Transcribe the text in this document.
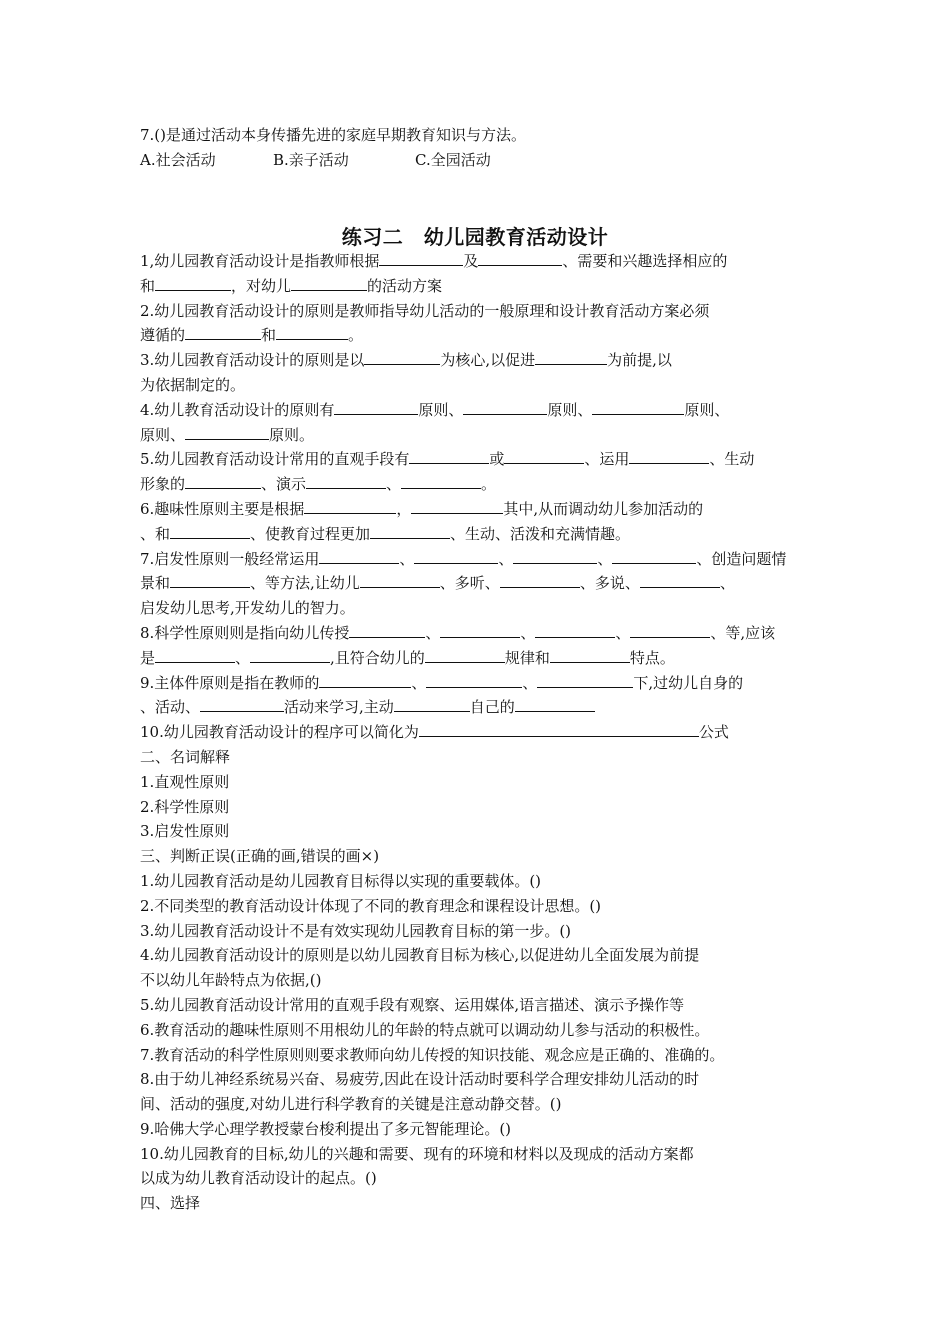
7.()是通过活动本身传播先进的家庭早期教育知识与方法。
A.社会活动	B.亲子活动	C.全园活动
练习二　幼儿园教育活动设计
1,幼儿园教育活动设计是指教师根据	及	、需要和兴趣选择相应的
和	，对幼儿	的活动方案
2.幼儿园教育活动设计的原则是教师指导幼儿活动的一般原理和设计教育活动方案必须
遵循的	和	。
3.幼儿园教育活动设计的原则是以	为核心,以促进	为前提,以
为依据制定的。
4.幼儿教育活动设计的原则有	原则、	原则、	原则、
原则、	原则。
5.幼儿园教育活动设计常用的直观手段有	或	、运用	、生动
形象的	、演示	、	。
6.趣味性原则主要是根据	，	其中,从而调动幼儿参加活动的
、和	、使教育过程更加	、生动、活泼和充满情趣。
7.启发性原则一般经常运用	、	、	、	、创造问题情
景和	、等方法,让幼儿	、多听、	、多说、	、
启发幼儿思考,开发幼儿的智力。
8.科学性原则则是指向幼儿传授	、	、	、	、等,应该
是	、	,且符合幼儿的	规律和	特点。
9.主体件原则是指在教师的	、	、	下,过幼儿自身的
、活动、	活动来学习,主动	自己的
10.幼儿园教育活动设计的程序可以简化为	公式
二、名词解释
1.直观性原则
2.科学性原则
3.启发性原则
三、判断正误(正确的画,错误的画×)
1.幼儿园教育活动是幼儿园教育目标得以实现的重要载体。()
2.不同类型的教育活动设计体现了不同的教育理念和课程设计思想。()
3.幼儿园教育活动设计不是有效实现幼儿园教育目标的第一步。()
4.幼儿园教育活动设计的原则是以幼儿园教育目标为核心,以促进幼儿全面发展为前提
不以幼儿年龄特点为依据,()
5.幼儿园教育活动设计常用的直观手段有观察、运用媒体,语言描述、演示予操作等
6.教育活动的趣味性原则不用根幼儿的年龄的特点就可以调动幼儿参与活动的积极性。
7.教育活动的科学性原则则要求教师向幼儿传授的知识技能、观念应是正确的、准确的。
8.由于幼儿神经系统易兴奋、易疲劳,因此在设计活动时要科学合理安排幼儿活动的时
间、活动的强度,对幼儿进行科学教育的关键是注意动静交替。()
9.哈佛大学心理学教授蒙台梭利提出了多元智能理论。()
10.幼儿园教育的目标,幼儿的兴趣和需要、现有的环境和材料以及现成的活动方案都
以成为幼儿教育活动设计的起点。()
四、选择
